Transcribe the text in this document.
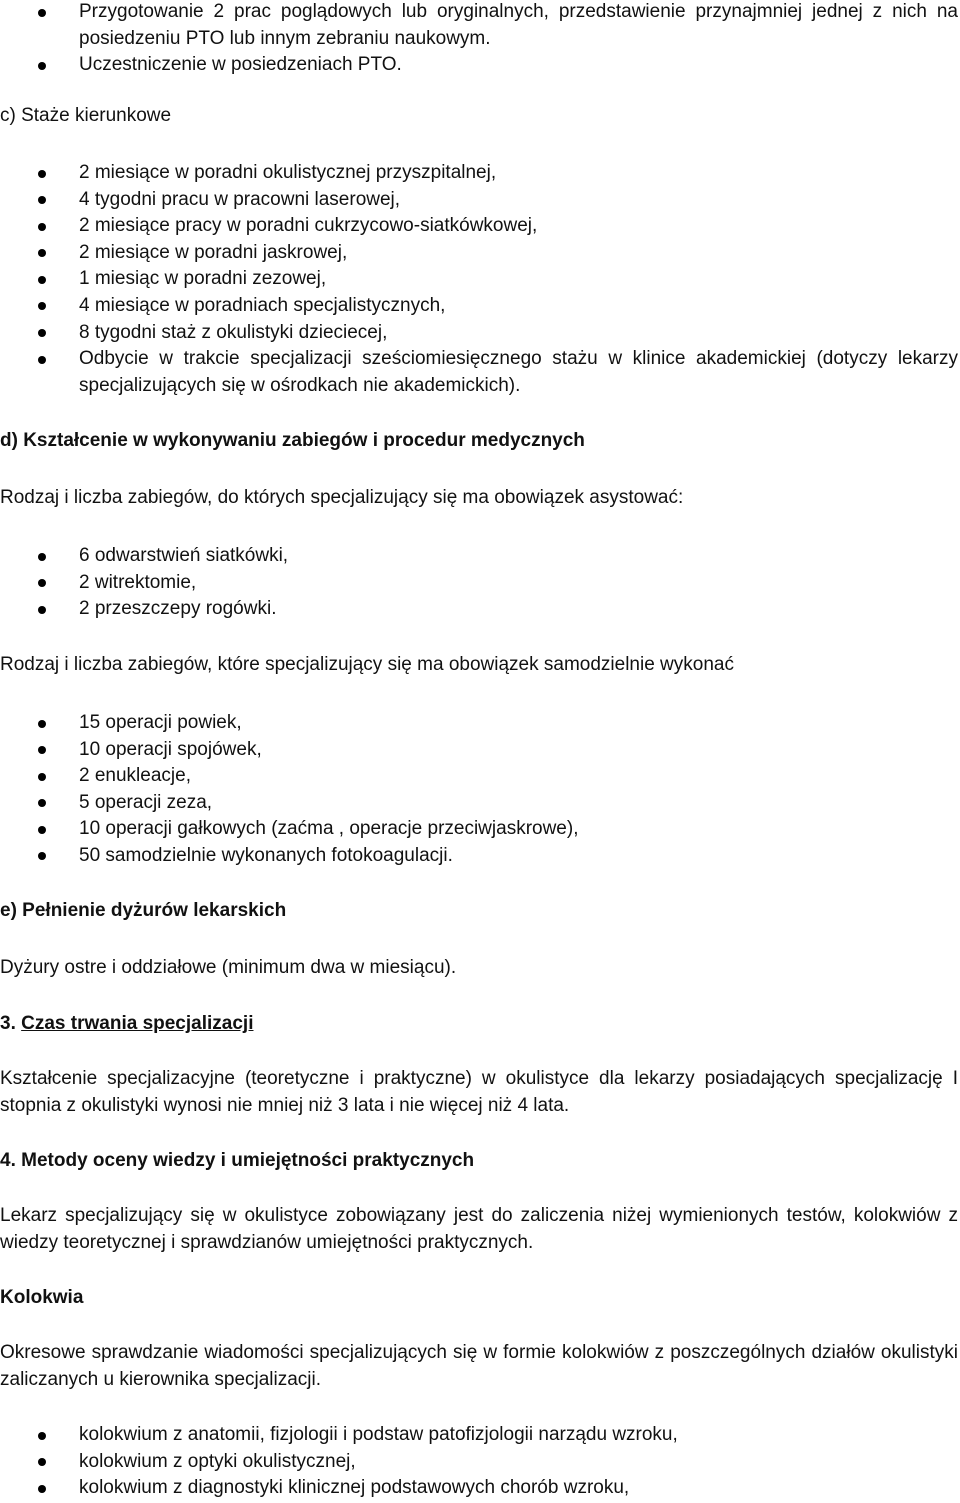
Przygotowanie 2 prac poglądowych lub oryginalnych, przedstawienie przynajmniej jednej z nich na posiedzeniu PTO lub innym zebraniu naukowym.
Uczestniczenie w posiedzeniach PTO.
c) Staże kierunkowe
2 miesiące w poradni okulistycznej przyszpitalnej,
4 tygodni pracu w pracowni laserowej,
2 miesiące pracy w poradni cukrzycowo-siatkówkowej,
2 miesiące w poradni jaskrowej,
1 miesiąc w poradni zezowej,
4 miesiące w poradniach specjalistycznych,
8 tygodni staż z okulistyki dzieciecej,
Odbycie w trakcie specjalizacji sześciomiesięcznego stażu w klinice akademickiej (dotyczy lekarzy specjalizujących się w ośrodkach nie akademickich).
d) Kształcenie w wykonywaniu zabiegów i procedur medycznych
Rodzaj i liczba zabiegów, do których specjalizujący się ma obowiązek asystować:
6 odwarstwień siatkówki,
2 witrektomie,
2 przeszczepy rogówki.
Rodzaj i liczba zabiegów, które specjalizujący się ma obowiązek samodzielnie wykonać
15 operacji powiek,
10 operacji spojówek,
2 enukleacje,
5 operacji zeza,
10 operacji gałkowych (zaćma , operacje przeciwjaskrowe),
50 samodzielnie wykonanych fotokoagulacji.
e) Pełnienie dyżurów lekarskich
Dyżury ostre i oddziałowe (minimum dwa w miesiącu).
3. Czas trwania specjalizacji
Kształcenie specjalizacyjne (teoretyczne i praktyczne) w okulistyce dla lekarzy posiadających specjalizację I stopnia z okulistyki wynosi nie mniej niż 3 lata i nie więcej niż 4 lata.
4. Metody oceny wiedzy i umiejętności praktycznych
Lekarz specjalizujący się w okulistyce zobowiązany jest do zaliczenia niżej wymienionych testów, kolokwiów z wiedzy teoretycznej i sprawdzianów umiejętności praktycznych.
Kolokwia
Okresowe sprawdzanie wiadomości specjalizujących się w formie kolokwiów z poszczególnych działów okulistyki zaliczanych u kierownika specjalizacji.
kolokwium z anatomii, fizjologii i podstaw patofizjologii narządu wzroku,
kolokwium z optyki okulistycznej,
kolokwium z diagnostyki klinicznej podstawowych chorób wzroku,
